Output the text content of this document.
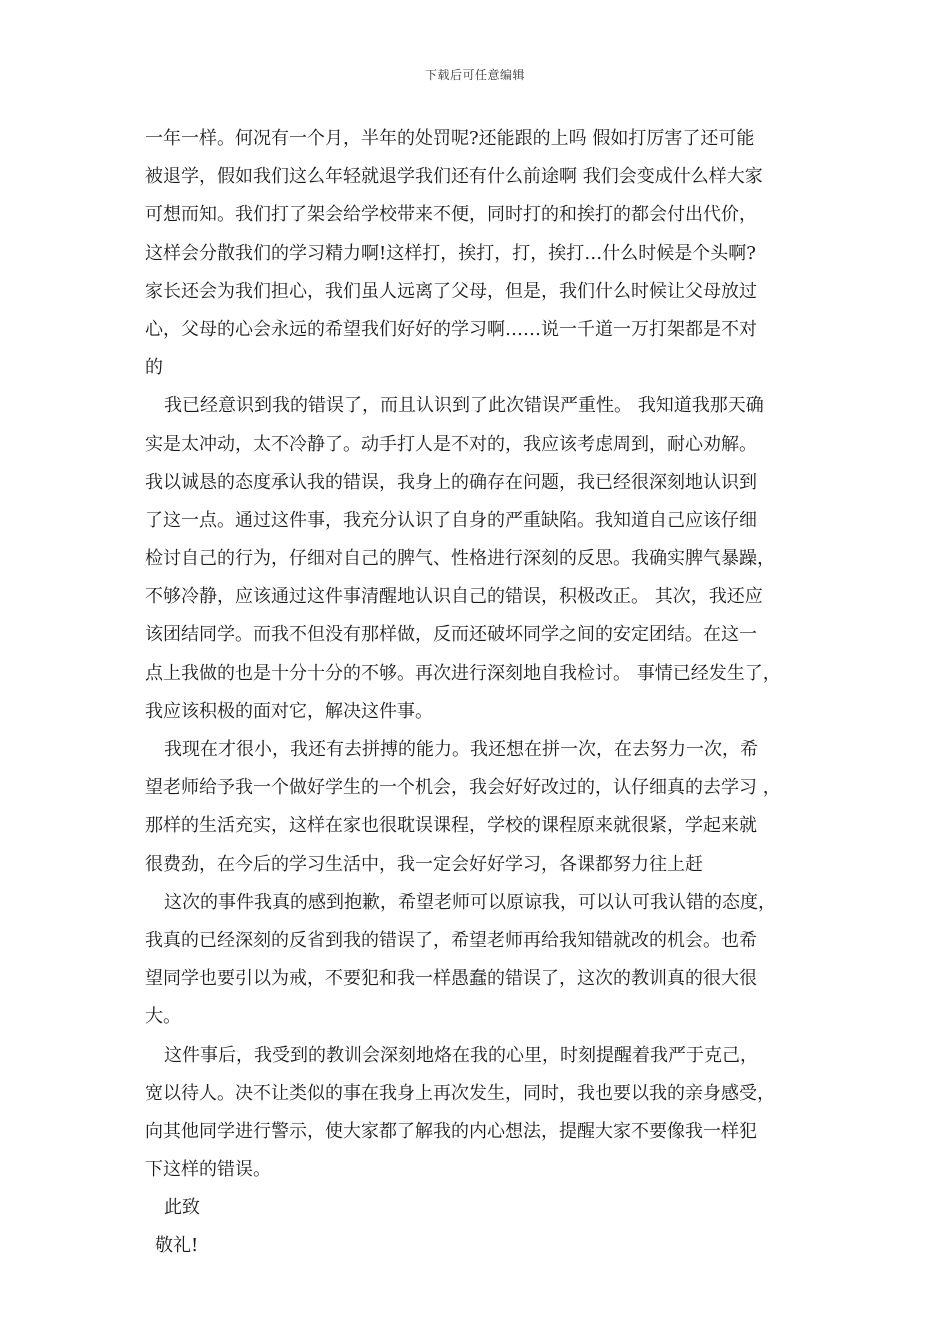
下载后可任意编辑
一年一样。何况有一个月，半年的处罚呢?还能跟的上吗 假如打厉害了还可能
被退学，假如我们这么年轻就退学我们还有什么前途啊 我们会变成什么样大家
可想而知。我们打了架会给学校带来不便，同时打的和挨打的都会付出代价，
这样会分散我们的学习精力啊!这样打，挨打，打，挨打…什么时候是个头啊?
家长还会为我们担心，我们虽人远离了父母，但是，我们什么时候让父母放过
心，父母的心会永远的希望我们好好的学习啊……说一千道一万打架都是不对
的
我已经意识到我的错误了，而且认识到了此次错误严重性。 我知道我那天确
实是太冲动，太不冷静了。动手打人是不对的，我应该考虑周到，耐心劝解。
我以诚恳的态度承认我的错误，我身上的确存在问题，我已经很深刻地认识到
了这一点。通过这件事，我充分认识了自身的严重缺陷。我知道自己应该仔细
检讨自己的行为，仔细对自己的脾气、性格进行深刻的反思。我确实脾气暴躁，
不够冷静，应该通过这件事清醒地认识自己的错误，积极改正。 其次，我还应
该团结同学。而我不但没有那样做，反而还破坏同学之间的安定团结。在这一
点上我做的也是十分十分的不够。再次进行深刻地自我检讨。 事情已经发生了，
我应该积极的面对它，解决这件事。
我现在才很小，我还有去拼搏的能力。我还想在拼一次，在去努力一次，希
望老师给予我一个做好学生的一个机会，我会好好改过的，认仔细真的去学习 ，
那样的生活充实，这样在家也很耽误课程，学校的课程原来就很紧，学起来就
很费劲，在今后的学习生活中，我一定会好好学习，各课都努力往上赶
这次的事件我真的感到抱歉，希望老师可以原谅我，可以认可我认错的态度，
我真的已经深刻的反省到我的错误了，希望老师再给我知错就改的机会。也希
望同学也要引以为戒，不要犯和我一样愚蠢的错误了，这次的教训真的很大很
大。
这件事后，我受到的教训会深刻地烙在我的心里，时刻提醒着我严于克己，
宽以待人。决不让类似的事在我身上再次发生，同时，我也要以我的亲身感受，
向其他同学进行警示，使大家都了解我的内心想法，提醒大家不要像我一样犯
下这样的错误。
此致
敬礼!
